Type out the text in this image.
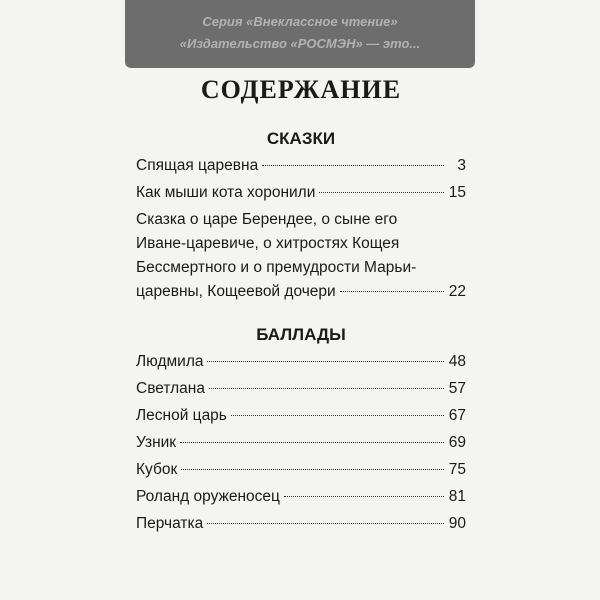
Серия «Внеклассное чтение»
«Издательство «РОСМЭН» — это...
СОДЕРЖАНИЕ
СКАЗКИ
Спящая царевна	3
Как мыши кота хоронили	15
Сказка о царе Берендее, о сыне его
Иване-царевиче, о хитростях Кощея
Бессмертного и о премудрости Марьи-
царевны, Кощеевой дочери	22
БАЛЛАДЫ
Людмила	48
Светлана	57
Лесной царь	67
Узник	69
Кубок	75
Роланд оруженосец	81
Перчатка	90
